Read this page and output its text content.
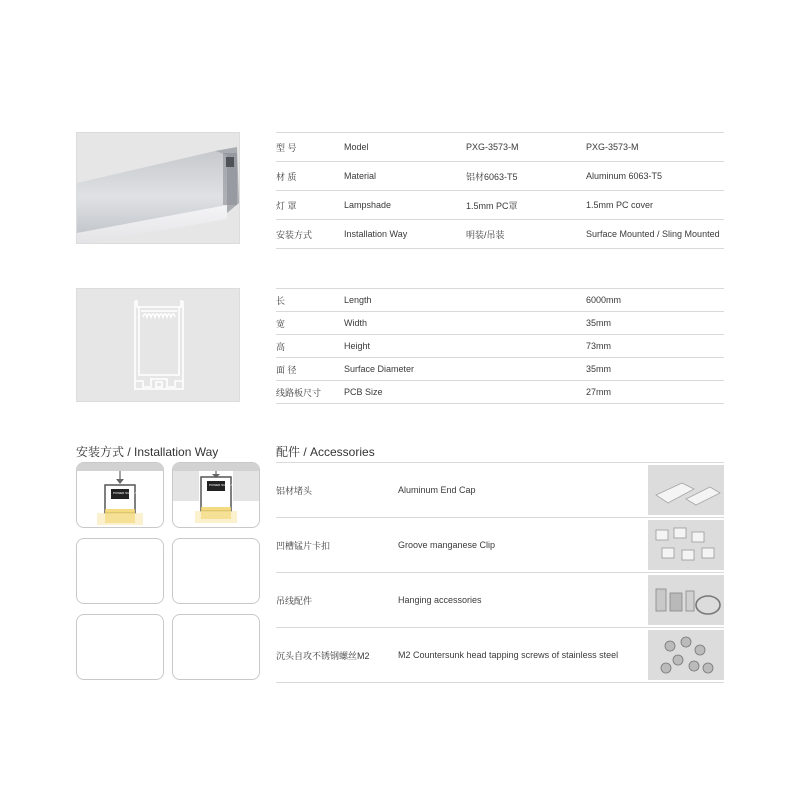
型 号	Model	PXG-3573-M	PXG-3573-M
材 质	Material	铝材6063-T5	Aluminum 6063-T5
灯 罩	Lampshade	1.5mm PC罩	1.5mm PC cover
安装方式	Installation Way	明装/吊装	Surface Mounted / Sling Mounted
长	Length	6000mm
宽	Width	35mm
高	Height	73mm
面 径	Surface Diameter	35mm
线路板尺寸	PCB Size	27mm
安装方式 / Installation Way
POWER SUPPLY
POWER SUPPLY
配件 / Accessories
铝材堵头	Aluminum End Cap	

凹槽锰片卡扣	Groove manganese Clip	

吊线配件	Hanging accessories	

沉头自攻不锈钢螺丝M2	M2 Countersunk head tapping screws of stainless steel	
